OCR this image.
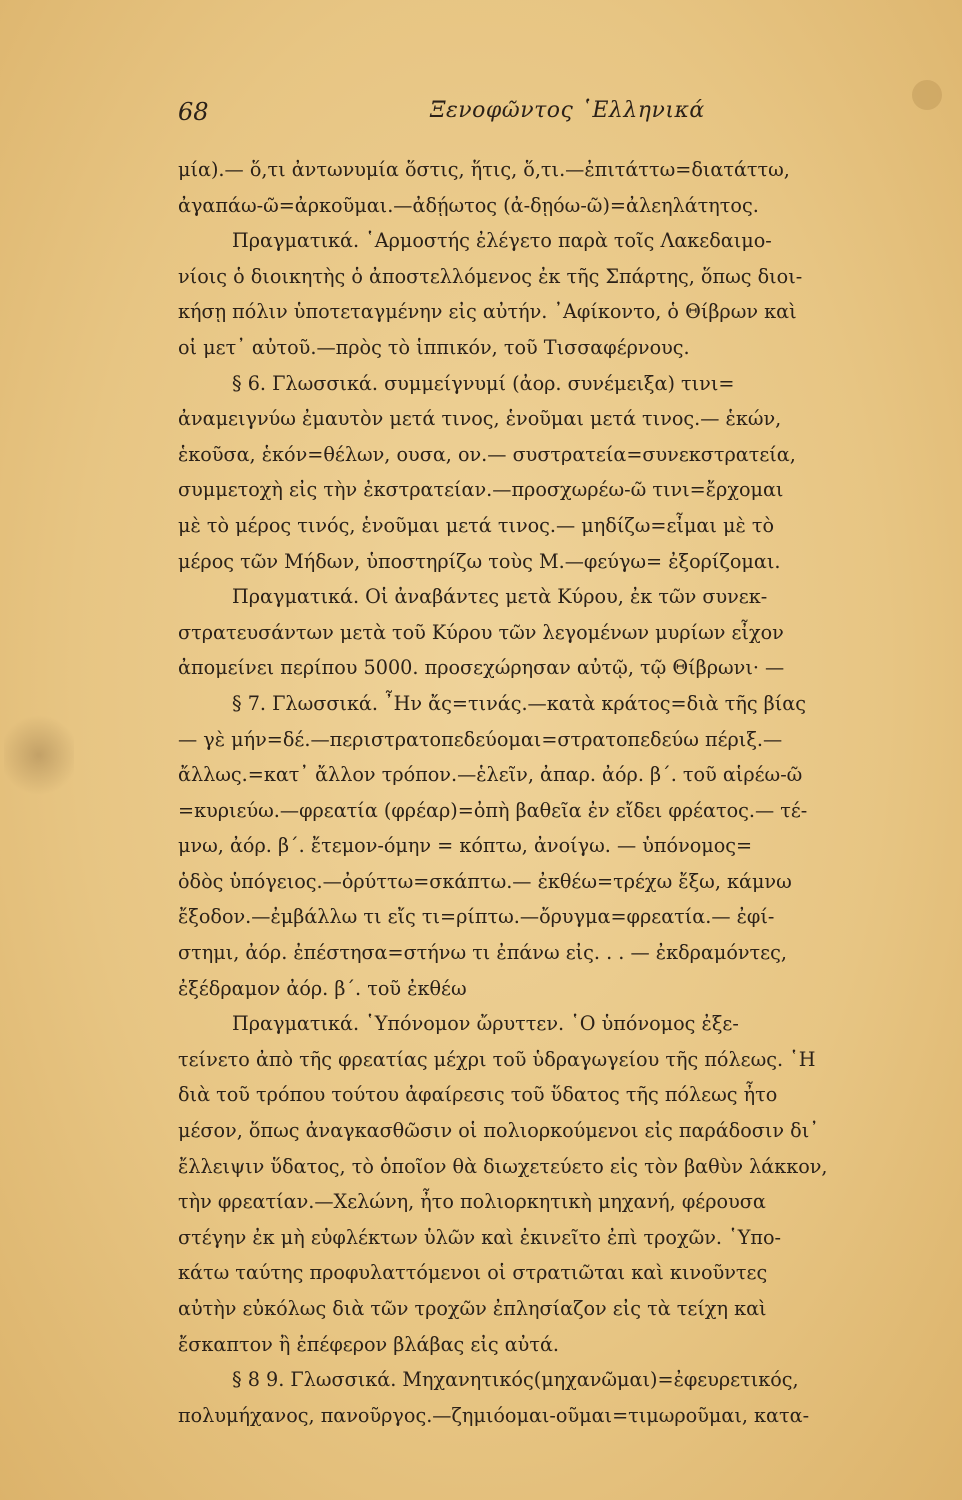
68	Ξενοφῶντος ῾Ελληνικά
μία).— ὅ,τι ἀντωνυμία ὅστις, ἥτις, ὅ,τι.—ἐπιτάττω=διατάττω,
ἀγαπάω-ῶ=ἀρκοῦμαι.—ἀδῄωτος (ἀ-δῃόω-ῶ)=ἀλεηλάτητος.
Πραγματικά. ῾Αρμοστής ἐλέγετο παρὰ τοῖς Λακεδαιμο-
νίοις ὁ διοικητὴς ὁ ἀποστελλόμενος ἐκ τῆς Σπάρτης, ὅπως διοι-
κήσῃ πόλιν ὑποτεταγμένην εἰς αὐτήν. ᾿Αφίκοντο, ὁ Θίβρων καὶ
οἱ μετ᾿ αὐτοῦ.—πρὸς τὸ ἱππικόν, τοῦ Τισσαφέρνους.
§ 6. Γλωσσικά. συμμείγνυμί (ἀορ. συνέμειξα) τινι=
ἀναμειγνύω ἐμαυτὸν μετά τινος, ἑνοῦμαι μετά τινος.— ἑκών,
ἑκοῦσα, ἑκόν=θέλων, ουσα, ον.— συστρατεία=συνεκστρατεία,
συμμετοχὴ εἰς τὴν ἐκστρατείαν.—προσχωρέω-ῶ τινι=ἔρχομαι
μὲ τὸ μέρος τινός, ἑνοῦμαι μετά τινος.— μηδίζω=εἶμαι μὲ τὸ
μέρος τῶν Μήδων, ὑποστηρίζω τοὺς Μ.—φεύγω= ἐξορίζομαι.
Πραγματικά. Οἱ ἀναβάντες μετὰ Κύρου, ἐκ τῶν συνεκ-
στρατευσάντων μετὰ τοῦ Κύρου τῶν λεγομένων μυρίων εἶχον
ἀπομείνει περίπου 5000. προσεχώρησαν αὐτῷ, τῷ Θίβρωνι· —
§ 7. Γλωσσικά. ῏Ην ἄς=τινάς.—κατὰ κράτος=διὰ τῆς βίας
— γὲ μήν=δέ.—περιστρατοπεδεύομαι=στρατοπεδεύω πέριξ.—
ἄλλως.=κατ᾿ ἄλλον τρόπον.—ἑλεῖν, ἀπαρ. ἀόρ. β΄. τοῦ αἱρέω-ῶ
=κυριεύω.—φρεατία (φρέαρ)=ὀπὴ βαθεῖα ἐν εἴδει φρέατος.— τέ-
μνω, ἀόρ. β΄. ἔτεμον-όμην = κόπτω, ἀνοίγω. — ὑπόνομος=
ὁδὸς ὑπόγειος.—ὀρύττω=σκάπτω.— ἐκθέω=τρέχω ἔξω, κάμνω
ἔξοδον.—ἐμβάλλω τι εἴς τι=ρίπτω.—ὄρυγμα=φρεατία.— ἐφί-
στημι, ἀόρ. ἐπέστησα=στήνω τι ἐπάνω εἰς. . . — ἐκδραμόντες,
ἐξέδραμον ἀόρ. β΄. τοῦ ἐκθέω
Πραγματικά. ῾Υπόνομον ὤρυττεν. ῾Ο ὑπόνομος ἐξε-
τείνετο ἀπὸ τῆς φρεατίας μέχρι τοῦ ὑδραγωγείου τῆς πόλεως. ῾Η
διὰ τοῦ τρόπου τούτου ἀφαίρεσις τοῦ ὕδατος τῆς πόλεως ἦτο
μέσον, ὅπως ἀναγκασθῶσιν οἱ πολιορκούμενοι εἰς παράδοσιν δι᾿
ἔλλειψιν ὕδατος, τὸ ὁποῖον θὰ διωχετεύετο εἰς τὸν βαθὺν λάκκον,
τὴν φρεατίαν.—Χελώνη, ἦτο πολιορκητικὴ μηχανή, φέρουσα
στέγην ἐκ μὴ εὐφλέκτων ὑλῶν καὶ ἐκινεῖτο ἐπὶ τροχῶν. ῾Υπο-
κάτω ταύτης προφυλαττόμενοι οἱ στρατιῶται καὶ κινοῦντες
αὐτὴν εὐκόλως διὰ τῶν τροχῶν ἐπλησίαζον εἰς τὰ τείχη καὶ
ἔσκαπτον ἢ ἐπέφερον βλάβας εἰς αὐτά.
§ 8 9. Γλωσσικά. Μηχανητικός(μηχανῶμαι)=ἐφευρετικός,
πολυμήχανος, πανοῦργος.—ζημιόομαι-οῦμαι=τιμωροῦμαι, κατα-
